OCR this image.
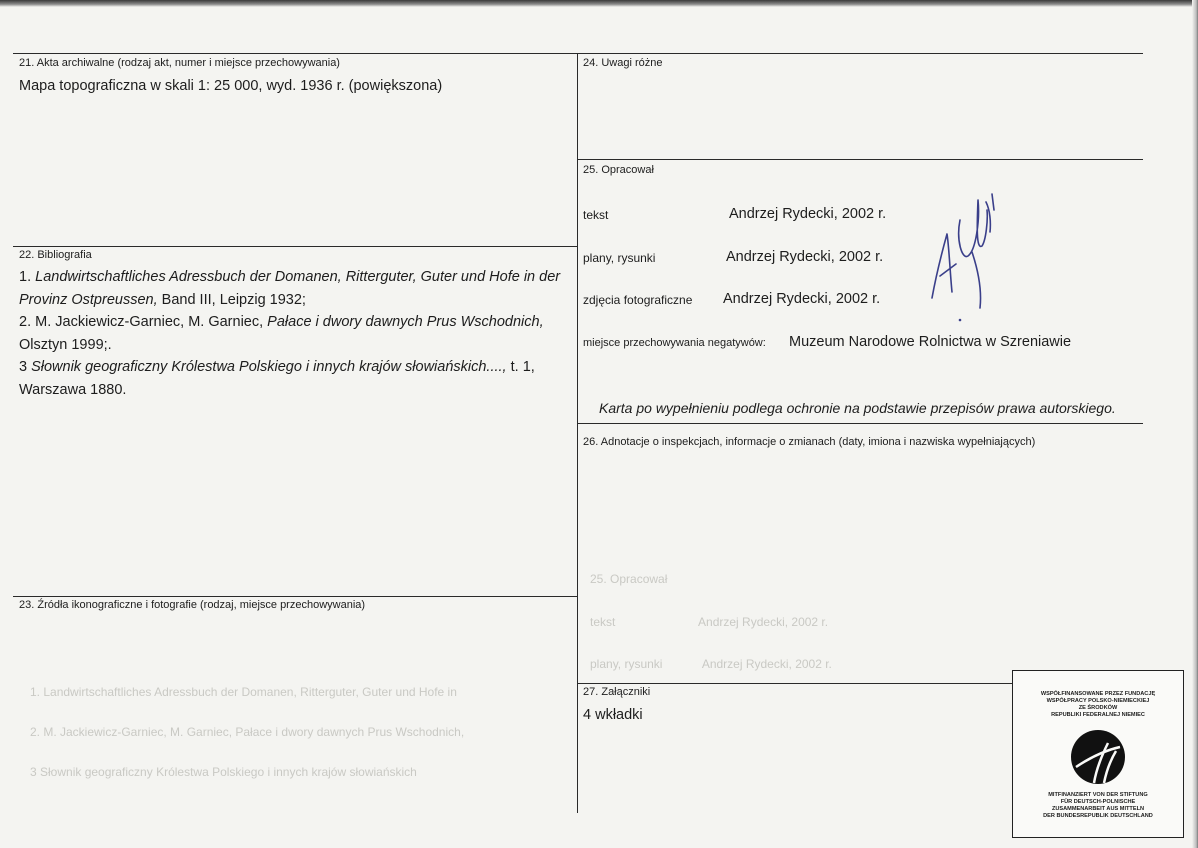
25. Opracował
tekst                         Andrzej Rydecki, 2002 r.
plany, rysunki            Andrzej Rydecki, 2002 r.
1. Landwirtschaftliches Adressbuch der Domanen, Ritterguter, Guter und Hofe in
2. M. Jackiewicz-Garniec, M. Garniec, Pałace i dwory dawnych Prus Wschodnich,
3 Słownik geograficzny Królestwa Polskiego i innych krajów słowiańskich
21. Akta archiwalne (rodzaj akt, numer i miejsce przechowywania)
Mapa topograficzna w skali 1: 25 000, wyd. 1936 r. (powiększona)
22. Bibliografia

1. Landwirtschaftliches Adressbuch der Domanen, Ritterguter, Guter und Hofe in der Provinz Ostpreussen, Band III, Leipzig 1932;

2. M. Jackiewicz-Garniec, M. Garniec, Pałace i dwory dawnych Prus Wschodnich, Olsztyn 1999;.

3 Słownik geograficzny Królestwa Polskiego i innych krajów słowiańskich...., t. 1, Warszawa 1880.

23. Źródła ikonograficzne i fotografie (rodzaj, miejsce przechowywania)
24. Uwagi różne
25. Opracował
tekst	Andrzej Rydecki, 2002 r.
plany, rysunki	Andrzej Rydecki, 2002 r.
zdjęcia fotograficzne Andrzej Rydecki, 2002 r.
miejsce przechowywania negatywów: Muzeum Narodowe Rolnictwa w Szreniawie
Karta po wypełnieniu podlega ochronie na podstawie przepisów prawa autorskiego.
26. Adnotacje o inspekcjach, informacje o zmianach (daty, imiona i nazwiska wypełniających)
27. Załączniki
4 wkładki
WSPÓŁFINANSOWANE PRZEZ FUNDACJĘ
WSPÓŁPRACY POLSKO-NIEMIECKIEJ
ZE ŚRODKÓW
REPUBLIKI FEDERALNEJ NIEMIEC
MITFINANZIERT VON DER STIFTUNG
FÜR DEUTSCH-POLNISCHE
ZUSAMMENARBEIT AUS MITTELN
DER BUNDESREPUBLIK DEUTSCHLAND
